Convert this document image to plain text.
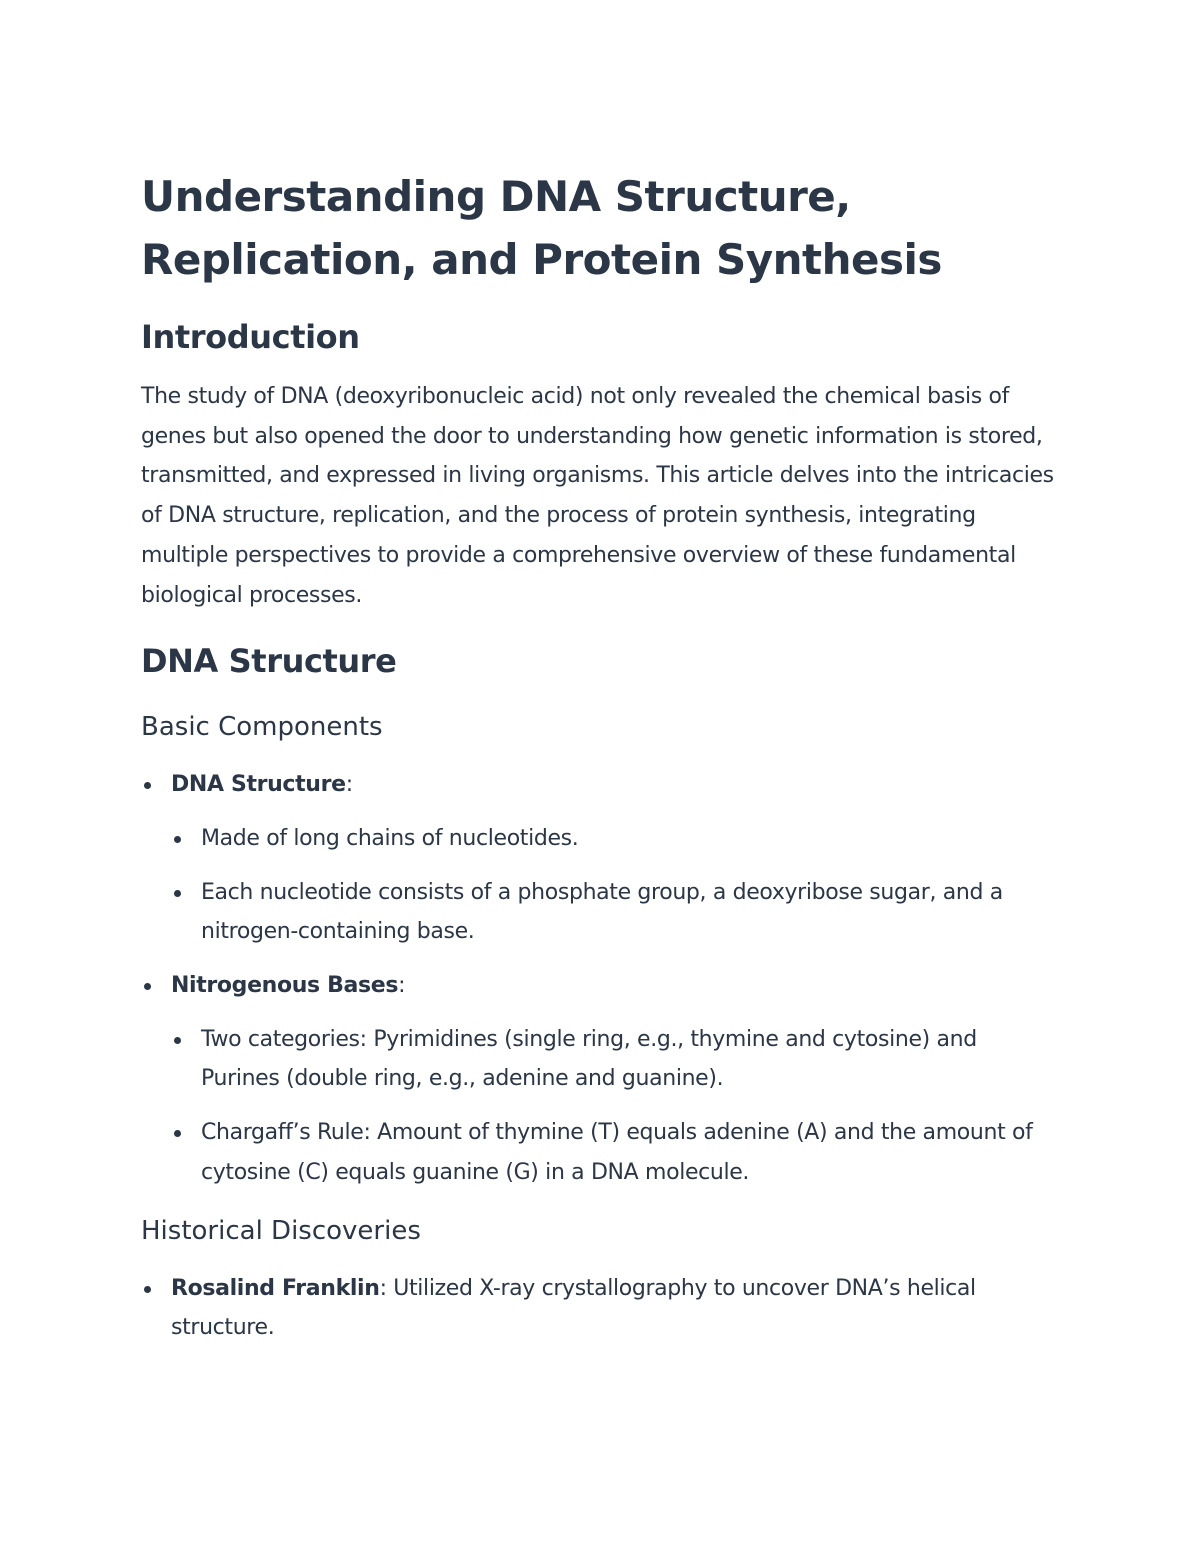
Understanding DNA Structure, Replication, and Protein Synthesis
Introduction

The study of DNA (deoxyribonucleic acid) not only revealed the chemical basis of genes but also opened the door to understanding how genetic information is stored, transmitted, and expressed in living organisms. This article delves into the intricacies of DNA structure, replication, and the process of protein synthesis, integrating multiple perspectives to provide a comprehensive overview of these fundamental biological processes.

DNA Structure
Basic Components
DNA Structure:
Made of long chains of nucleotides.
Each nucleotide consists of a phosphate group, a deoxyribose sugar, and a nitrogen-containing base.
Nitrogenous Bases:
Two categories: Pyrimidines (single ring, e.g., thymine and cytosine) and Purines (double ring, e.g., adenine and guanine).
Chargaff’s Rule: Amount of thymine (T) equals adenine (A) and the amount of cytosine (C) equals guanine (G) in a DNA molecule.
Historical Discoveries
Rosalind Franklin: Utilized X-ray crystallography to uncover DNA’s helical structure.
